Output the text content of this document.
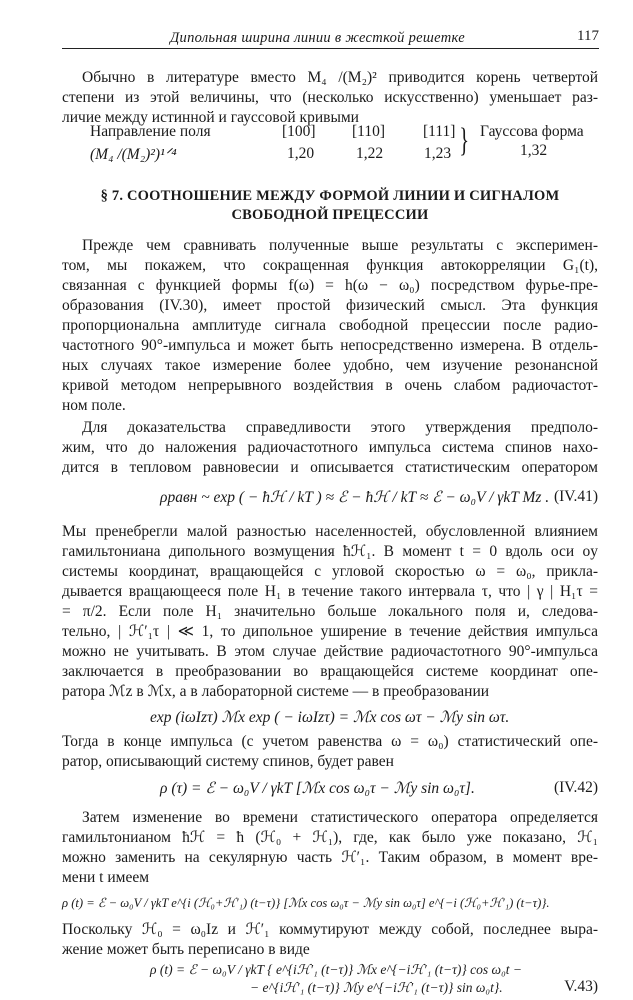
Дипольная ширина линии в жесткой решетке	117
Обычно в литературе вместо M₄ /(M₂)² приводится корень четвертой
степени из этой величины, что (несколько искусственно) уменьшает раз-
личие между истинной и гауссовой кривыми
Направление поля	[100] [110] [111] } Гауссова форма
(M₄ /(M₂)²)¹ᐟ⁴	1,20	1,22	1,23	1,32
§ 7. СООТНОШЕНИЕ МЕЖДУ ФОРМОЙ ЛИНИИ И СИГНАЛОМ
СВОБОДНОЙ ПРЕЦЕССИИ
Прежде чем сравнивать полученные выше результаты с эксперимен-
том, мы покажем, что сокращенная функция автокорреляции G₁(t),
связанная с функцией формы f(ω) = h(ω − ω₀) посредством фурье-пре-
образования (IV.30), имеет простой физический смысл. Эта функция
пропорциональна амплитуде сигнала свободной прецессии после радио-
частотного 90°-импульса и может быть непосредственно измерена. В отдель-
ных случаях такое измерение более удобно, чем изучение резонансной
кривой методом непрерывного воздействия в очень слабом радиочастот-
ном поле.
Для доказательства справедливости этого утверждения предполо-
жим, что до наложения радиочастотного импульса система спинов нахо-
дится в тепловом равновесии и описывается статистическим оператором
ρравн ~ exp ( − ħℋ / kT ) ≈ ℰ − ħℋ / kT ≈ ℰ − ω₀V / γkT Mz . (IV.41)
Мы пренебрегли малой разностью населенностей, обусловленной влиянием
гамильтониана дипольного возмущения ħℋ₁. В момент t = 0 вдоль оси oy
системы координат, вращающейся с угловой скоростью ω = ω₀, прикла-
дывается вращающееся поле H₁ в течение такого интервала τ, что | γ | H₁τ =
= π/2. Если поле H₁ значительно больше локального поля и, следова-
тельно, | ℋ′₁τ | ≪ 1, то дипольное уширение в течение действия импульса
можно не учитывать. В этом случае действие радиочастотного 90°-импульса
заключается в преобразовании во вращающейся системе координат опе-
ратора ℳz в ℳx, а в лабораторной системе — в преобразовании
exp (iωIzτ) ℳx exp ( − iωIzτ) = ℳx cos ωτ − ℳy sin ωτ.
Тогда в конце импульса (с учетом равенства ω = ω₀) статистический опе-
ратор, описывающий систему спинов, будет равен
ρ (τ) = ℰ − ω₀V / γkT [ℳx cos ω₀τ − ℳy sin ω₀τ].	(IV.42)
Затем изменение во времени статистического оператора определяется
гамильтонианом ħℋ = ħ (ℋ₀ + ℋ₁), где, как было уже показано, ℋ₁
можно заменить на секулярную часть ℋ′₁. Таким образом, в момент вре-
мени t имеем
ρ (t) = ℰ − ω₀V / γkT e^{i (ℋ₀+ℋ′₁) (t−τ)} [ℳx cos ω₀τ − ℳy sin ω₀τ] e^{−i (ℋ₀+ℋ′₁) (t−τ)}.
Поскольку ℋ₀ = ω₀Iz и ℋ′₁ коммутируют между собой, последнее выра-
жение может быть переписано в виде
ρ (t) = ℰ − ω₀V / γkT { e^{iℋ′₁ (t−τ)} ℳx e^{−iℋ′₁ (t−τ)} cos ω₀t −
− e^{iℋ′₁ (t−τ)} ℳy e^{−iℋ′₁ (t−τ)} sin ω₀t}.	V.43)
